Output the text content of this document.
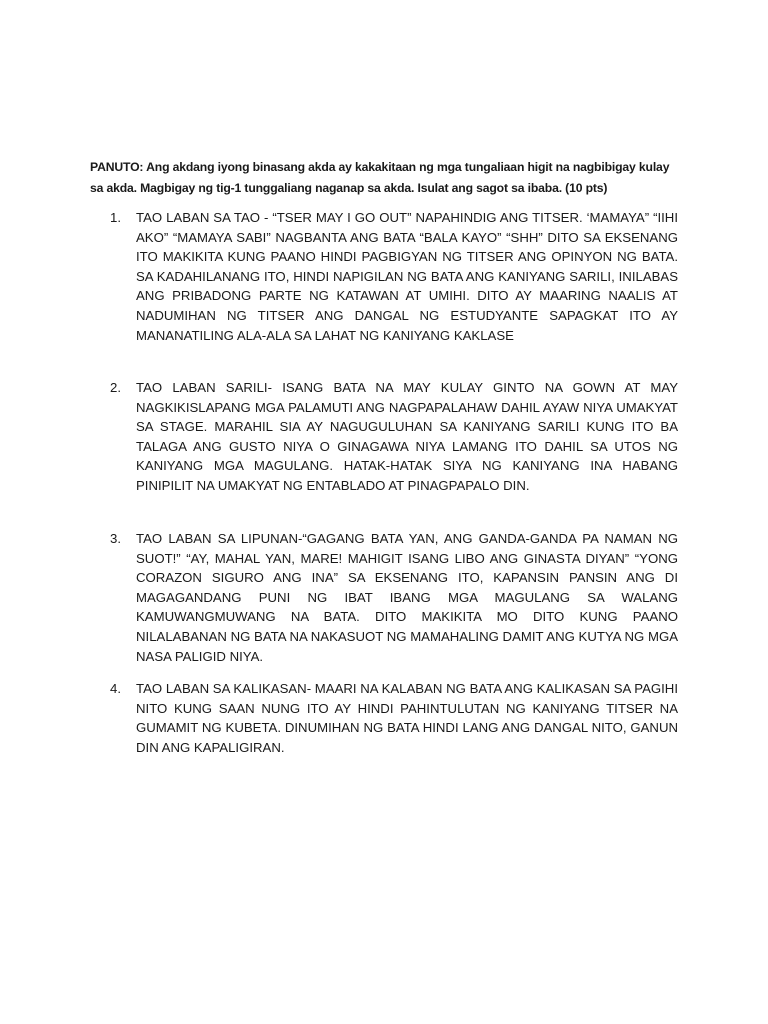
PANUTO: Ang akdang iyong binasang akda ay kakakitaan ng mga tungaliaan higit na nagbibigay kulay sa akda. Magbigay ng tig-1 tunggaliang naganap sa akda. Isulat ang sagot sa ibaba. (10 pts)

1.	TAO LABAN SA TAO - “TSER MAY I GO OUT” NAPAHINDIG ANG TITSER. ‘MAMAYA” “IIHI AKO” “MAMAYA SABI” NAGBANTA ANG BATA “BALA KAYO” “SHH” DITO SA EKSENANG ITO MAKIKITA KUNG PAANO HINDI PAGBIGYAN NG TITSER ANG OPINYON NG BATA. SA KADAHILANANG ITO, HINDI NAPIGILAN NG BATA ANG KANIYANG SARILI, INILABAS ANG PRIBADONG PARTE NG KATAWAN AT UMIHI. DITO AY MAARING NAALIS AT NADUMIHAN NG TITSER ANG DANGAL NG ESTUDYANTE SAPAGKAT ITO AY MANANATILING ALA-ALA SA LAHAT NG KANIYANG KAKLASE
2.	TAO LABAN SARILI- ISANG BATA NA MAY KULAY GINTO NA GOWN AT MAY NAGKIKISLAPANG MGA PALAMUTI ANG NAGPAPALAHAW DAHIL AYAW NIYA UMAKYAT SA STAGE. MARAHIL SIA AY NAGUGULUHAN SA KANIYANG SARILI KUNG ITO BA TALAGA ANG GUSTO NIYA O GINAGAWA NIYA LAMANG ITO DAHIL SA UTOS NG KANIYANG MGA MAGULANG. HATAK-HATAK SIYA NG KANIYANG INA HABANG PINIPILIT NA UMAKYAT NG ENTABLADO AT PINAGPAPALO DIN.
3.	TAO LABAN SA LIPUNAN-“GAGANG BATA YAN, ANG GANDA-GANDA PA NAMAN NG SUOT!” “AY, MAHAL YAN, MARE! MAHIGIT ISANG LIBO ANG GINASTA DIYAN” “YONG CORAZON SIGURO ANG INA” SA EKSENANG ITO, KAPANSIN PANSIN ANG DI MAGAGANDANG PUNI NG IBAT IBANG MGA MAGULANG SA WALANG KAMUWANGMUWANG NA BATA. DITO MAKIKITA MO DITO KUNG PAANO NILALABANAN NG BATA NA NAKASUOT NG MAMAHALING DAMIT ANG KUTYA NG MGA NASA PALIGID NIYA.
4.	TAO LABAN SA KALIKASAN- MAARI NA KALABAN NG BATA ANG KALIKASAN SA PAGIHI NITO KUNG SAAN NUNG ITO AY HINDI PAHINTULUTAN NG KANIYANG TITSER NA GUMAMIT NG KUBETA. DINUMIHAN NG BATA HINDI LANG ANG DANGAL NITO, GANUN DIN ANG KAPALIGIRAN.
